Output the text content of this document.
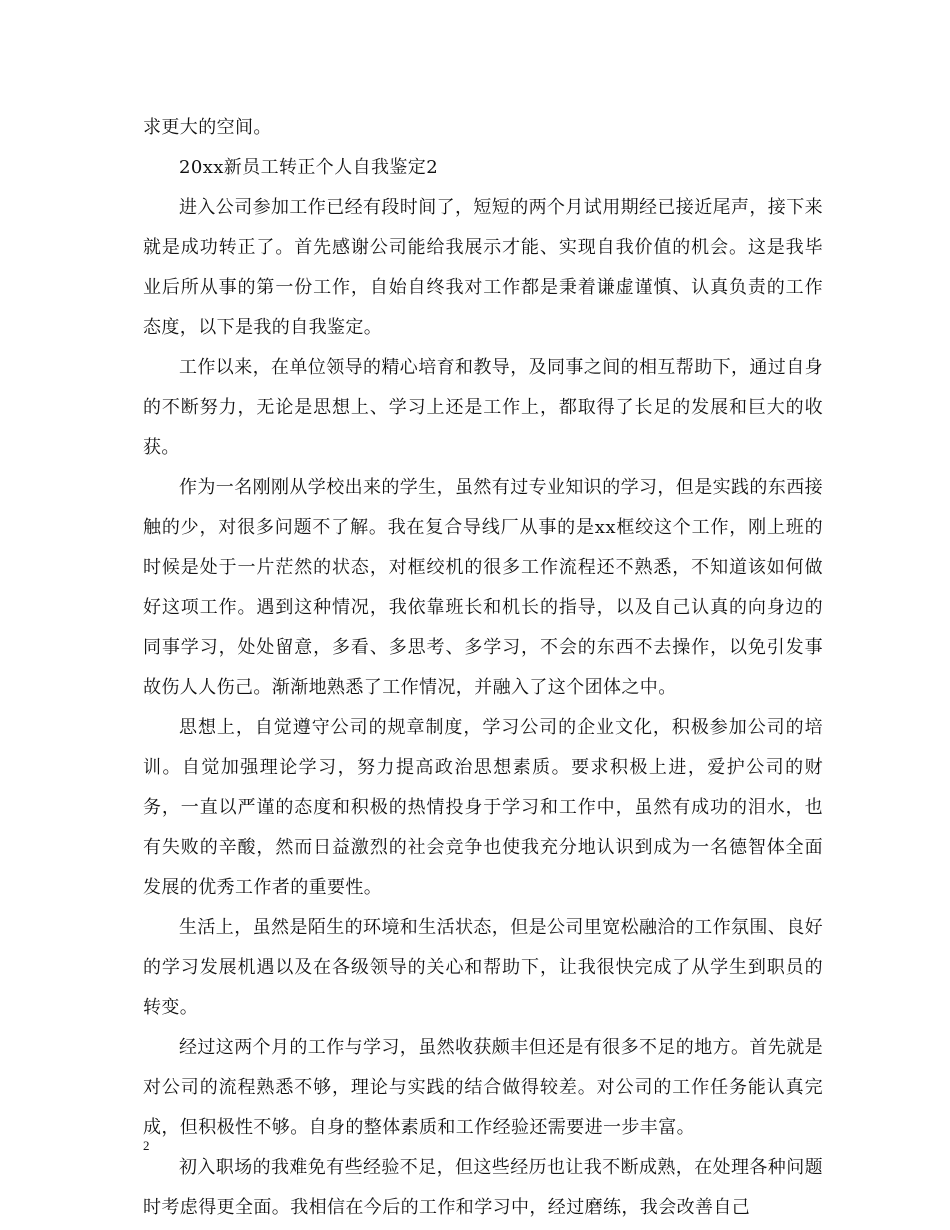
求更大的空间。

20xx新员工转正个人自我鉴定2

进入公司参加工作已经有段时间了，短短的两个月试用期经已接近尾声，接下来就是成功转正了。首先感谢公司能给我展示才能、实现自我价值的机会。这是我毕业后所从事的第一份工作，自始自终我对工作都是秉着谦虚谨慎、认真负责的工作态度，以下是我的自我鉴定。

工作以来，在单位领导的精心培育和教导，及同事之间的相互帮助下，通过自身的不断努力，无论是思想上、学习上还是工作上，都取得了长足的发展和巨大的收获。

作为一名刚刚从学校出来的学生，虽然有过专业知识的学习，但是实践的东西接触的少，对很多问题不了解。我在复合导线厂从事的是xx框绞这个工作，刚上班的时候是处于一片茫然的状态，对框绞机的很多工作流程还不熟悉，不知道该如何做好这项工作。遇到这种情况，我依靠班长和机长的指导，以及自己认真的向身边的同事学习，处处留意，多看、多思考、多学习，不会的东西不去操作，以免引发事故伤人人伤己。渐渐地熟悉了工作情况，并融入了这个团体之中。

思想上，自觉遵守公司的规章制度，学习公司的企业文化，积极参加公司的培训。自觉加强理论学习，努力提高政治思想素质。要求积极上进，爱护公司的财务，一直以严谨的态度和积极的热情投身于学习和工作中，虽然有成功的泪水，也有失败的辛酸，然而日益激烈的社会竞争也使我充分地认识到成为一名德智体全面发展的优秀工作者的重要性。

生活上，虽然是陌生的环境和生活状态，但是公司里宽松融洽的工作氛围、良好的学习发展机遇以及在各级领导的关心和帮助下，让我很快完成了从学生到职员的转变。

经过这两个月的工作与学习，虽然收获颇丰但还是有很多不足的地方。首先就是对公司的流程熟悉不够，理论与实践的结合做得较差。对公司的工作任务能认真完成，但积极性不够。自身的整体素质和工作经验还需要进一步丰富。

初入职场的我难免有些经验不足，但这些经历也让我不断成熟，在处理各种问题时考虑得更全面。我相信在今后的工作和学习中，经过磨练，我会改善自己

2
